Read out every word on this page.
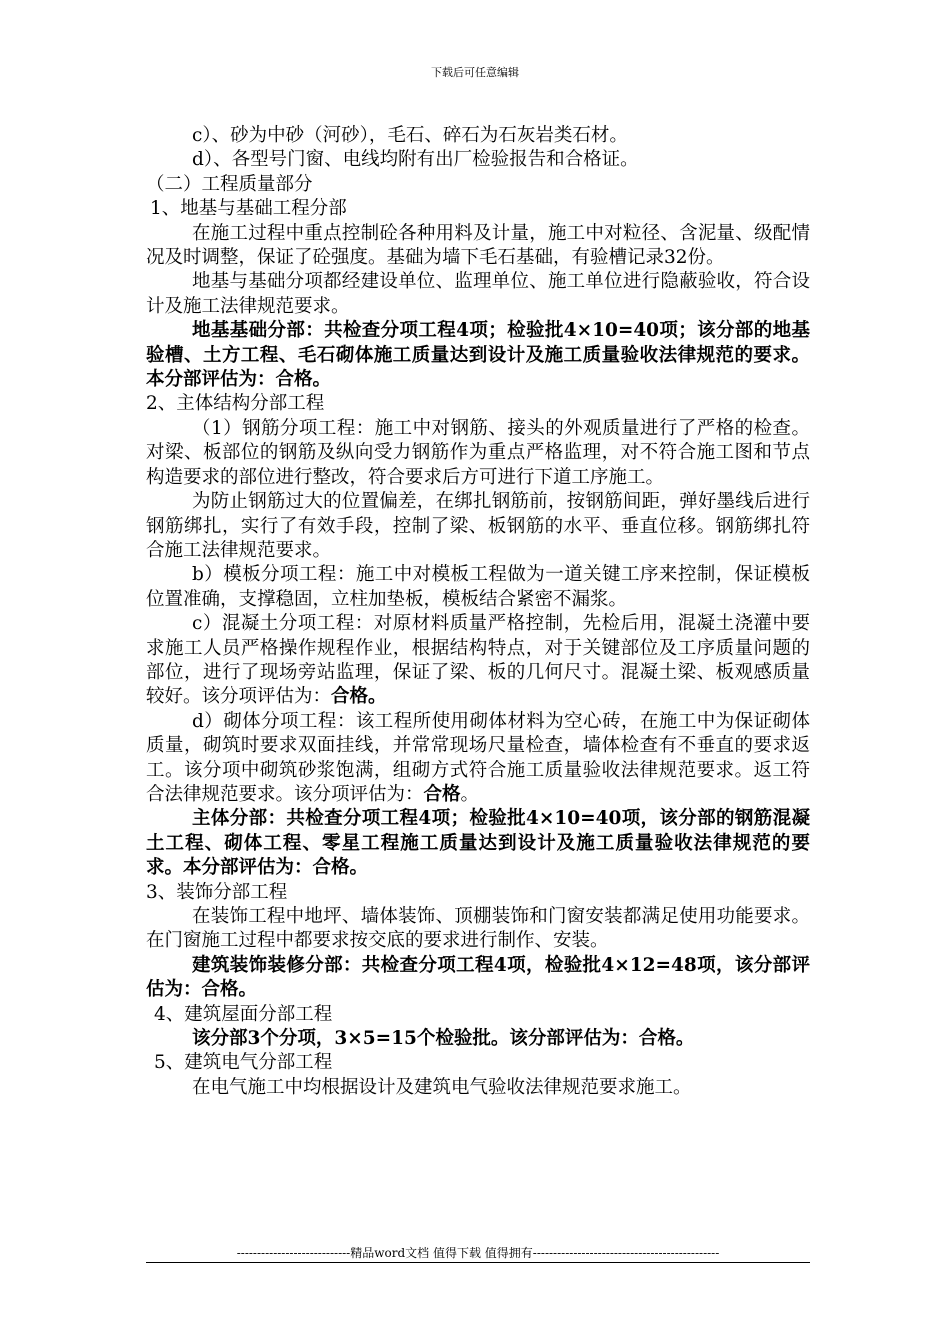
下载后可任意编辑

c）、砂为中砂（河砂），毛石、碎石为石灰岩类石材。

d）、各型号门窗、电线均附有出厂检验报告和合格证。

（二）工程质量部分

1、地基与基础工程分部

在施工过程中重点控制砼各种用料及计量，施工中对粒径、含泥量、级配情况及时调整，保证了砼强度。基础为墙下毛石基础，有验槽记录32份。

地基与基础分项都经建设单位、监理单位、施工单位进行隐蔽验收，符合设计及施工法律规范要求。

地基基础分部：共检查分项工程4项；检验批4×10=40项；该分部的地基验槽、土方工程、毛石砌体施工质量达到设计及施工质量验收法律规范的要求。本分部评估为：合格。

2、主体结构分部工程

（1）钢筋分项工程：施工中对钢筋、接头的外观质量进行了严格的检查。对梁、板部位的钢筋及纵向受力钢筋作为重点严格监理，对不符合施工图和节点构造要求的部位进行整改，符合要求后方可进行下道工序施工。

为防止钢筋过大的位置偏差，在绑扎钢筋前，按钢筋间距，弹好墨线后进行钢筋绑扎，实行了有效手段，控制了梁、板钢筋的水平、垂直位移。钢筋绑扎符合施工法律规范要求。

b）模板分项工程：施工中对模板工程做为一道关键工序来控制，保证模板位置准确，支撑稳固，立柱加垫板，模板结合紧密不漏浆。

c）混凝土分项工程：对原材料质量严格控制，先检后用，混凝土浇灌中要求施工人员严格操作规程作业，根据结构特点，对于关键部位及工序质量问题的部位，进行了现场旁站监理，保证了梁、板的几何尺寸。混凝土梁、板观感质量较好。该分项评估为：合格。

d）砌体分项工程：该工程所使用砌体材料为空心砖，在施工中为保证砌体质量，砌筑时要求双面挂线，并常常现场尺量检查，墙体检查有不垂直的要求返工。该分项中砌筑砂浆饱满，组砌方式符合施工质量验收法律规范要求。返工符合法律规范要求。该分项评估为：合格。

主体分部：共检查分项工程4项；检验批4×10=40项，该分部的钢筋混凝土工程、砌体工程、零星工程施工质量达到设计及施工质量验收法律规范的要求。本分部评估为：合格。

3、装饰分部工程

在装饰工程中地坪、墙体装饰、顶棚装饰和门窗安装都满足使用功能要求。在门窗施工过程中都要求按交底的要求进行制作、安装。

建筑装饰装修分部：共检查分项工程4项，检验批4×12=48项，该分部评估为：合格。

4、建筑屋面分部工程

该分部3个分项，3×5=15个检验批。该分部评估为：合格。

5、建筑电气分部工程

在电气施工中均根据设计及建筑电气验收法律规范要求施工。

----------------------------精品word文档 值得下载 值得拥有----------------------------------------------
